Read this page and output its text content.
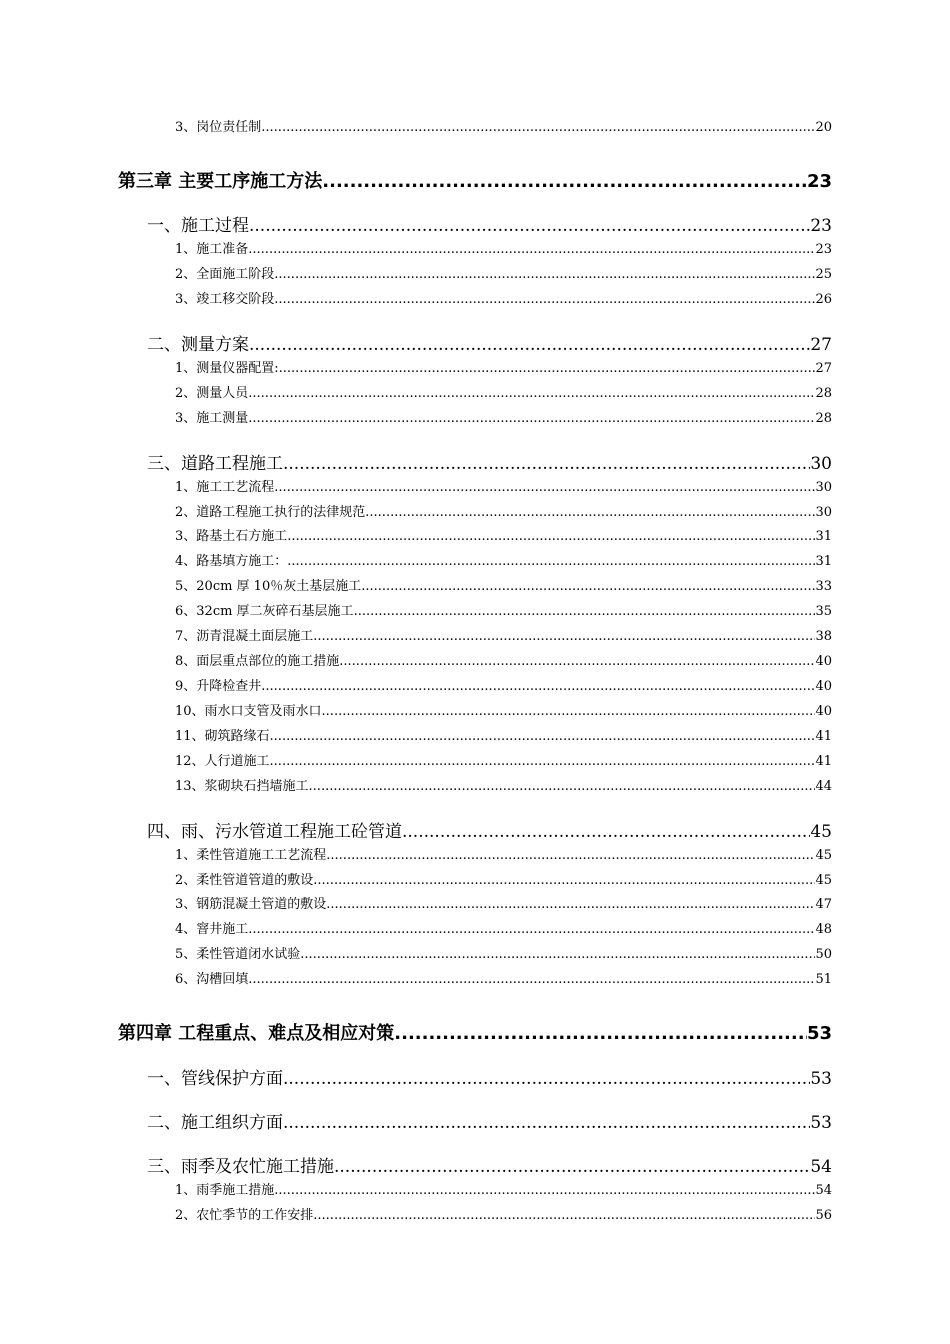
3、岗位责任制 .....	20
第三章 主要工序施工方法 .....	23
一、施工过程 .....	23
1、施工准备 .....	23
2、全面施工阶段 .....	25
3、竣工移交阶段 .....	26
二、测量方案 .....	27
1、测量仪器配置: .....	27
2、测量人员 .....	28
3、施工测量 .....	28
三、道路工程施工 .....	30
1、施工工艺流程 .....	30
2、道路工程施工执行的法律规范 .....	30
3、路基土石方施工 .....	31
4、路基填方施工： .....	31
5、20cm 厚 10％灰土基层施工 .....	33
6、32cm 厚二灰碎石基层施工 .....	35
7、沥青混凝土面层施工 .....	38
8、面层重点部位的施工措施 .....	40
9、升降检查井 .....	40
10、雨水口支管及雨水口 .....	40
11、砌筑路缘石 .....	41
12、人行道施工 .....	41
13、浆砌块石挡墙施工 .....	44
四、雨、污水管道工程施工砼管道 .....	45
1、柔性管道施工工艺流程 .....	45
2、柔性管道管道的敷设 .....	45
3、钢筋混凝土管道的敷设 .....	47
4、窨井施工 .....	48
5、柔性管道闭水试验 .....	50
6、沟槽回填 .....	51
第四章 工程重点、难点及相应对策 .....	53
一、管线保护方面 .....	53
二、施工组织方面 .....	53
三、雨季及农忙施工措施 .....	54
1、雨季施工措施 .....	54
2、农忙季节的工作安排 .....	56
